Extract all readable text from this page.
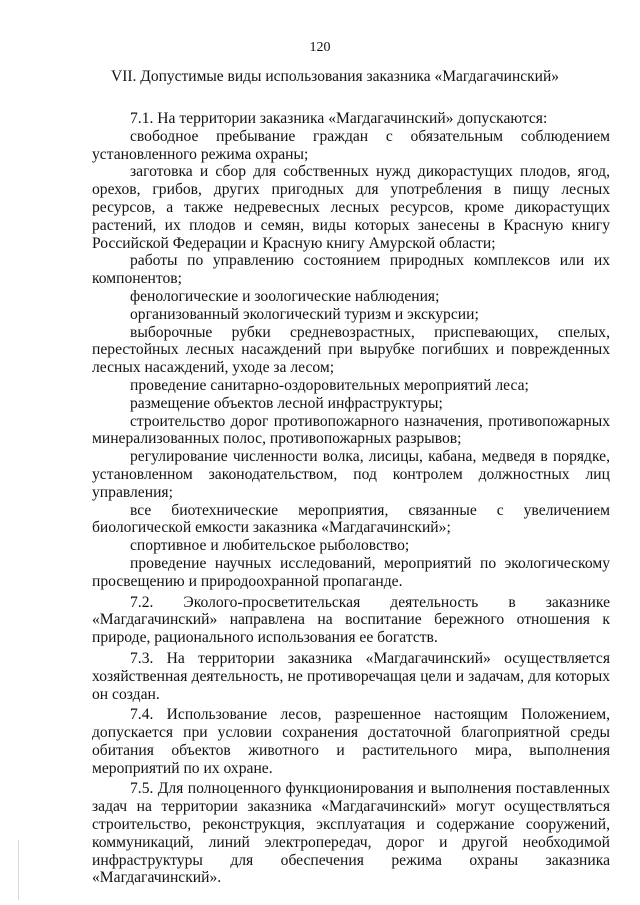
120
VII. Допустимые виды использования заказника «Магдагачинский»

7.1. На территории заказника «Магдагачинский» допускаются:

свободное пребывание граждан с обязательным соблюдением установленного режима охраны;

заготовка и сбор для собственных нужд дикорастущих плодов, ягод, орехов, грибов, других пригодных для употребления в пищу лесных ресурсов, а также недревесных лесных ресурсов, кроме дикорастущих растений, их плодов и семян, виды которых занесены в Красную книгу Российской Федерации и Красную книгу Амурской области;

работы по управлению состоянием природных комплексов или их компонентов;

фенологические и зоологические наблюдения;

организованный экологический туризм и экскурсии;

выборочные рубки средневозрастных, приспевающих, спелых, перестойных лесных насаждений при вырубке погибших и поврежденных лесных насаждений, уходе за лесом;

проведение санитарно-оздоровительных мероприятий леса;

размещение объектов лесной инфраструктуры;

строительство дорог противопожарного назначения, противопожарных минерализованных полос, противопожарных разрывов;

регулирование численности волка, лисицы, кабана, медведя в порядке, установленном законодательством, под контролем должностных лиц управления;

все биотехнические мероприятия, связанные с увеличением биологической емкости заказника «Магдагачинский»;

спортивное и любительское рыболовство;

проведение научных исследований, мероприятий по экологическому просвещению и природоохранной пропаганде.

7.2. Эколого-просветительская деятельность в заказнике «Магдагачинский» направлена на воспитание бережного отношения к природе, рационального использования ее богатств.

7.3. На территории заказника «Магдагачинский» осуществляется хозяйственная деятельность, не противоречащая цели и задачам, для которых он создан.

7.4. Использование лесов, разрешенное настоящим Положением, допускается при условии сохранения достаточной благоприятной среды обитания объектов животного и растительного мира, выполнения мероприятий по их охране.

7.5. Для полноценного функционирования и выполнения поставленных задач на территории заказника «Магдагачинский» могут осуществляться строительство, реконструкция, эксплуатация и содержание сооружений, коммуникаций, линий электропередач, дорог и другой необходимой инфраструктуры для обеспечения режима охраны заказника «Магдагачинский».
